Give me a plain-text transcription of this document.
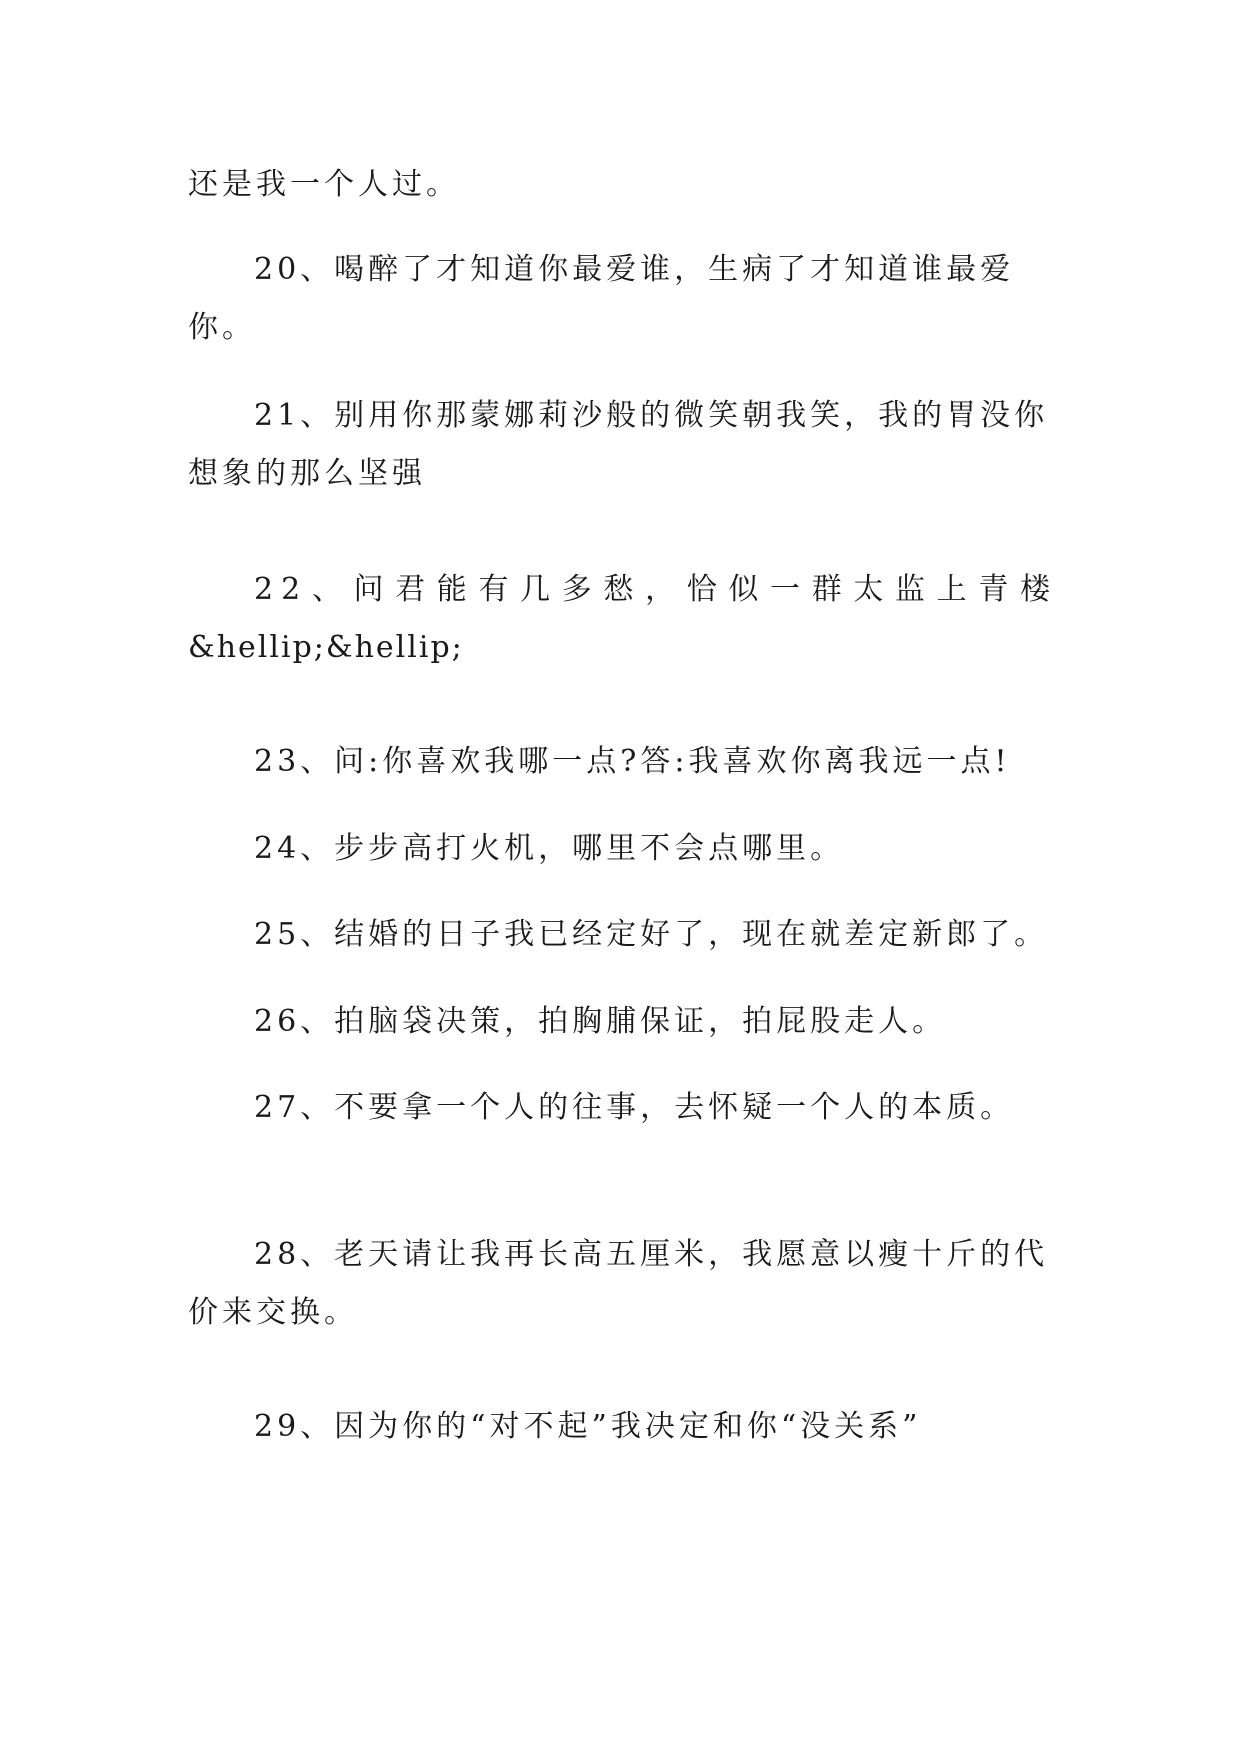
还是我一个人过。

20、喝醉了才知道你最爱谁，生病了才知道谁最爱你。

21、别用你那蒙娜莉沙般的微笑朝我笑，我的胃没你想象的那么坚强

22、问君能有几多愁，恰似一群太监上青楼
&hellip;&hellip;

23、问:你喜欢我哪一点?答:我喜欢你离我远一点!

24、步步高打火机，哪里不会点哪里。

25、结婚的日子我已经定好了，现在就差定新郎了。

26、拍脑袋决策，拍胸脯保证，拍屁股走人。

27、不要拿一个人的往事，去怀疑一个人的本质。

28、老天请让我再长高五厘米，我愿意以瘦十斤的代价来交换。

29、因为你的“对不起”我决定和你“没关系”
